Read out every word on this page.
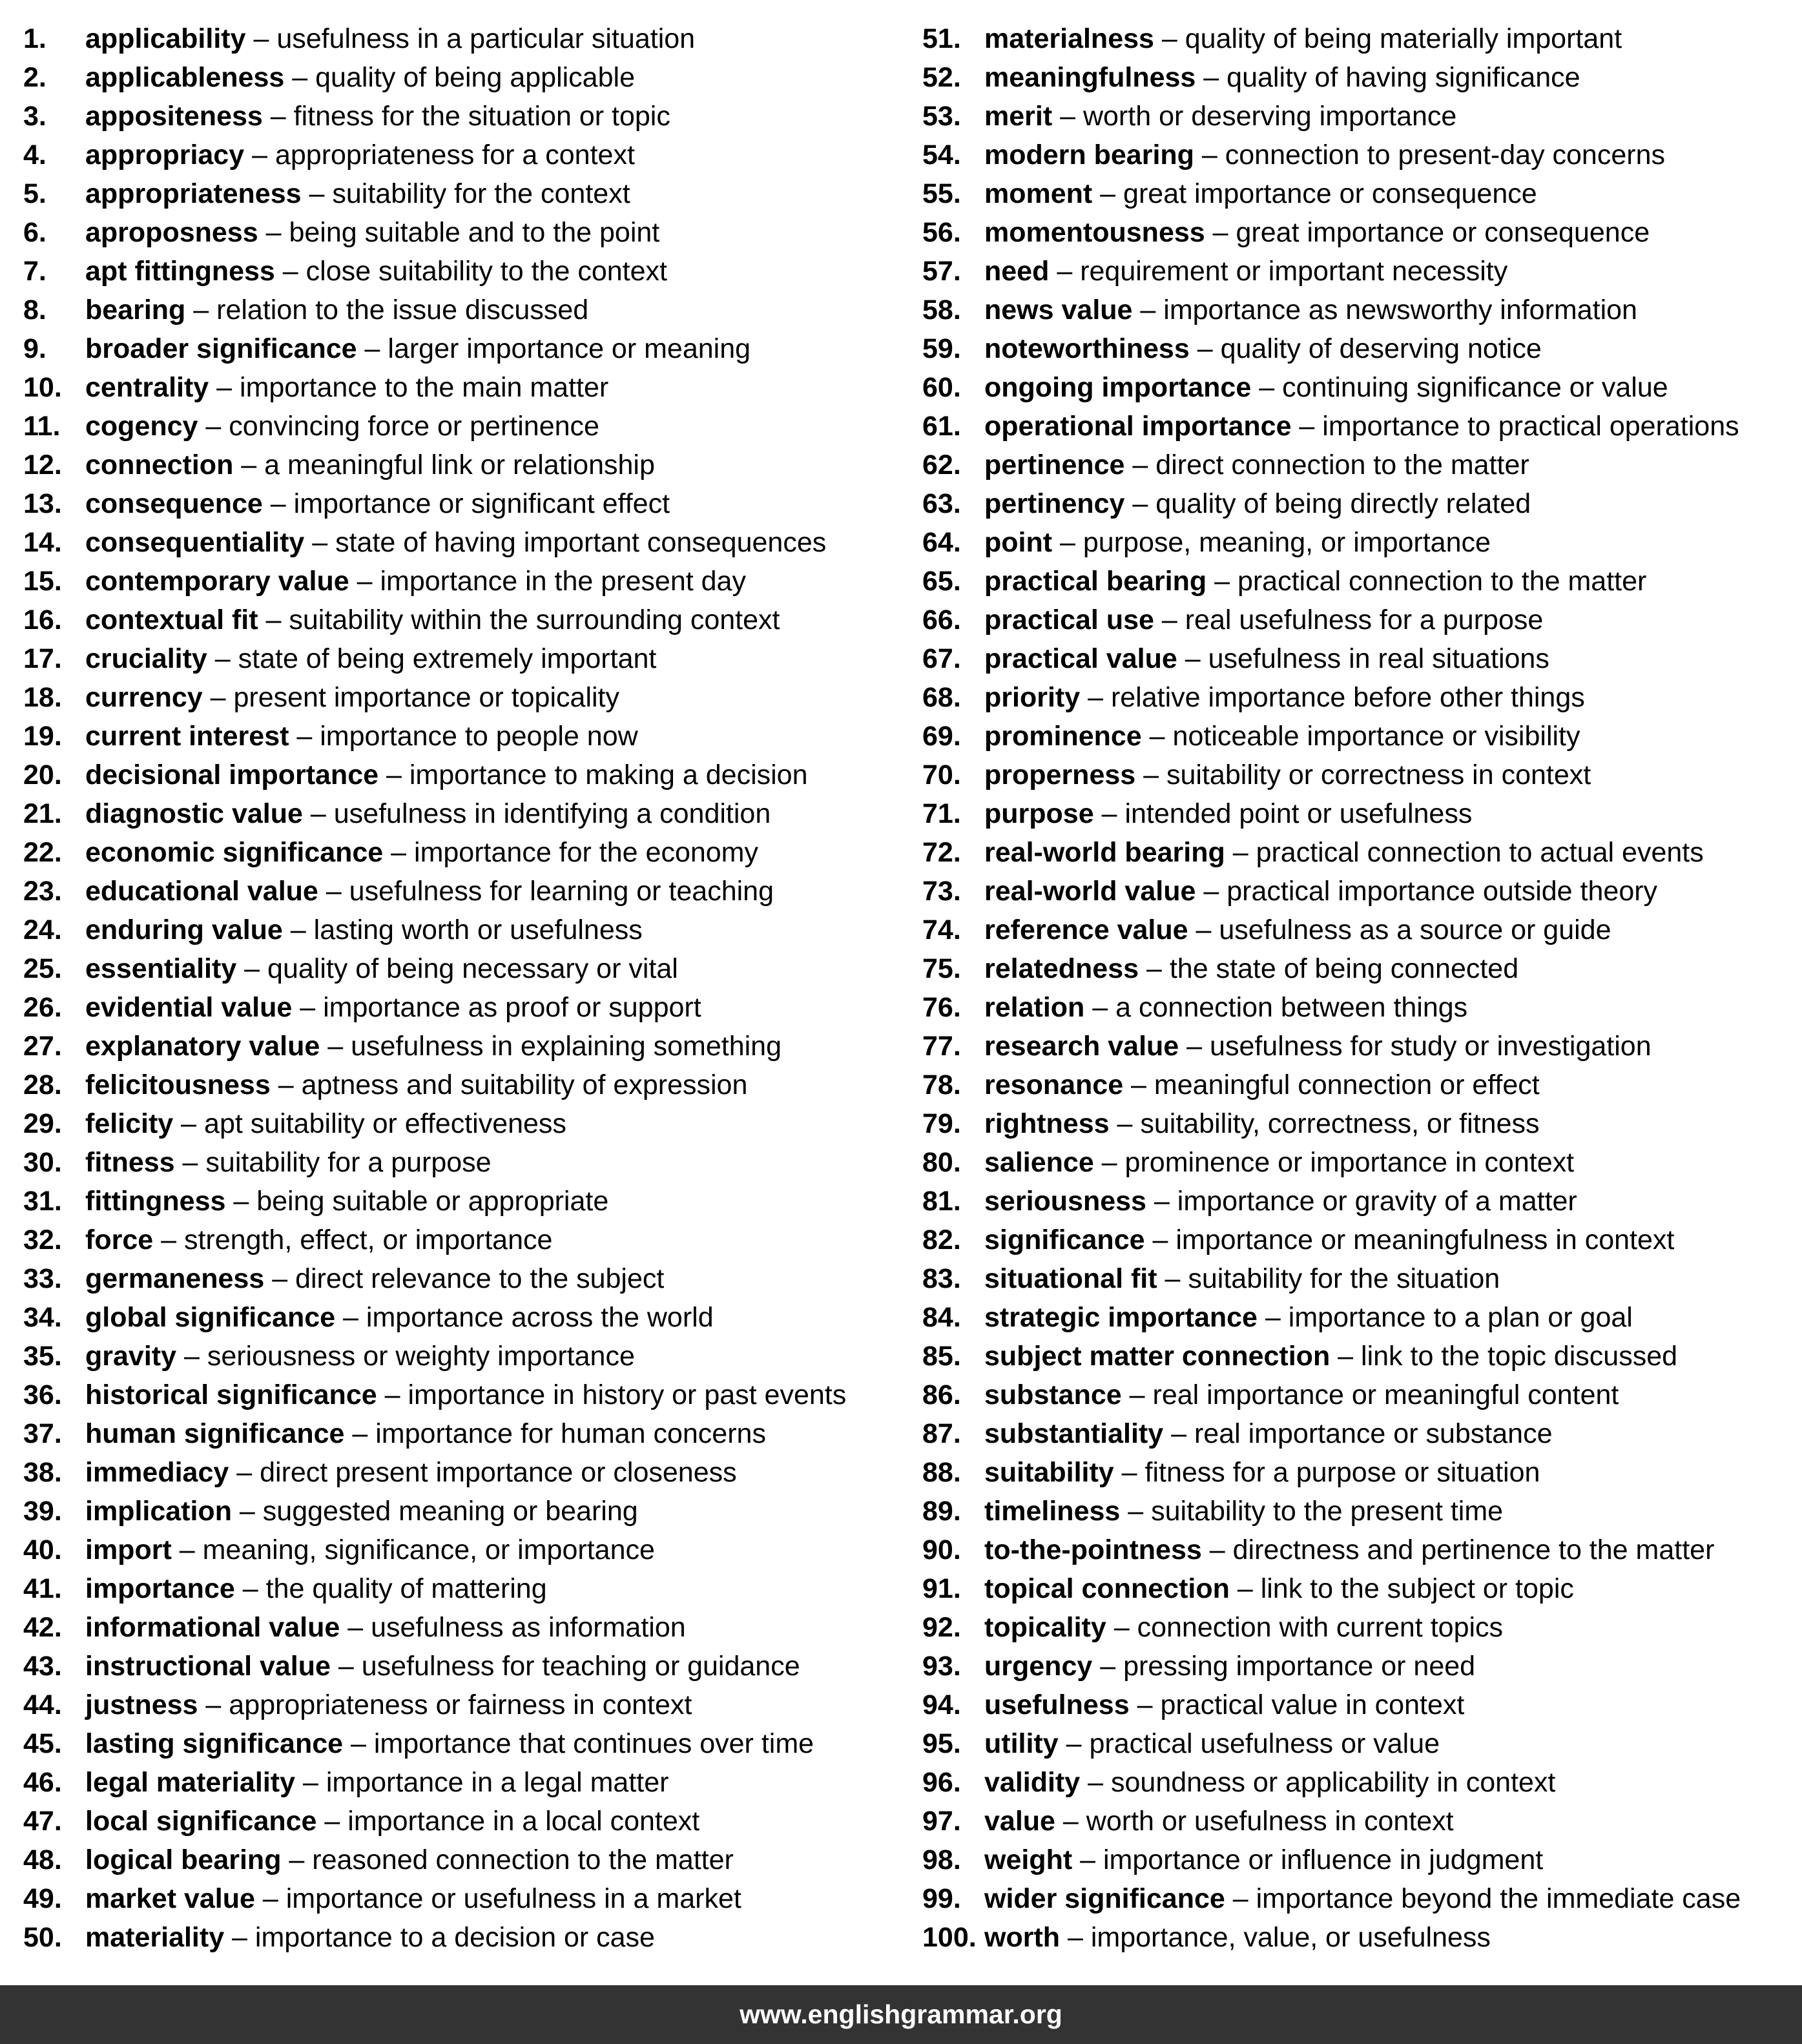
1.	applicability – usefulness in a particular situation
2.	applicableness – quality of being applicable
3.	appositeness – fitness for the situation or topic
4.	appropriacy – appropriateness for a context
5.	appropriateness – suitability for the context
6.	aproposness – being suitable and to the point
7.	apt fittingness – close suitability to the context
8.	bearing – relation to the issue discussed
9.	broader significance – larger importance or meaning
10. centrality – importance to the main matter
11. cogency – convincing force or pertinence
12. connection – a meaningful link or relationship
13. consequence – importance or significant effect
14. consequentiality – state of having important consequences
15. contemporary value – importance in the present day
16. contextual fit – suitability within the surrounding context
17. cruciality – state of being extremely important
18. currency – present importance or topicality
19. current interest – importance to people now
20. decisional importance – importance to making a decision
21. diagnostic value – usefulness in identifying a condition
22. economic significance – importance for the economy
23. educational value – usefulness for learning or teaching
24. enduring value – lasting worth or usefulness
25. essentiality – quality of being necessary or vital
26. evidential value – importance as proof or support
27. explanatory value – usefulness in explaining something
28. felicitousness – aptness and suitability of expression
29. felicity – apt suitability or effectiveness
30. fitness – suitability for a purpose
31. fittingness – being suitable or appropriate
32. force – strength, effect, or importance
33. germaneness – direct relevance to the subject
34. global significance – importance across the world
35. gravity – seriousness or weighty importance
36. historical significance – importance in history or past events
37. human significance – importance for human concerns
38. immediacy – direct present importance or closeness
39. implication – suggested meaning or bearing
40. import – meaning, significance, or importance
41. importance – the quality of mattering
42. informational value – usefulness as information
43. instructional value – usefulness for teaching or guidance
44. justness – appropriateness or fairness in context
45. lasting significance – importance that continues over time
46. legal materiality – importance in a legal matter
47. local significance – importance in a local context
48. logical bearing – reasoned connection to the matter
49. market value – importance or usefulness in a market
50. materiality – importance to a decision or case
51. materialness – quality of being materially important
52. meaningfulness – quality of having significance
53. merit – worth or deserving importance
54. modern bearing – connection to present-day concerns
55. moment – great importance or consequence
56. momentousness – great importance or consequence
57. need – requirement or important necessity
58. news value – importance as newsworthy information
59. noteworthiness – quality of deserving notice
60. ongoing importance – continuing significance or value
61. operational importance – importance to practical operations
62. pertinence – direct connection to the matter
63. pertinency – quality of being directly related
64. point – purpose, meaning, or importance
65. practical bearing – practical connection to the matter
66. practical use – real usefulness for a purpose
67. practical value – usefulness in real situations
68. priority – relative importance before other things
69. prominence – noticeable importance or visibility
70. properness – suitability or correctness in context
71. purpose – intended point or usefulness
72. real-world bearing – practical connection to actual events
73. real-world value – practical importance outside theory
74. reference value – usefulness as a source or guide
75. relatedness – the state of being connected
76. relation – a connection between things
77. research value – usefulness for study or investigation
78. resonance – meaningful connection or effect
79. rightness – suitability, correctness, or fitness
80. salience – prominence or importance in context
81. seriousness – importance or gravity of a matter
82. significance – importance or meaningfulness in context
83. situational fit – suitability for the situation
84. strategic importance – importance to a plan or goal
85. subject matter connection – link to the topic discussed
86. substance – real importance or meaningful content
87. substantiality – real importance or substance
88. suitability – fitness for a purpose or situation
89. timeliness – suitability to the present time
90. to-the-pointness – directness and pertinence to the matter
91. topical connection – link to the subject or topic
92. topicality – connection with current topics
93. urgency – pressing importance or need
94. usefulness – practical value in context
95. utility – practical usefulness or value
96. validity – soundness or applicability in context
97. value – worth or usefulness in context
98. weight – importance or influence in judgment
99. wider significance – importance beyond the immediate case
100. worth – importance, value, or usefulness
www.englishgrammar.org
